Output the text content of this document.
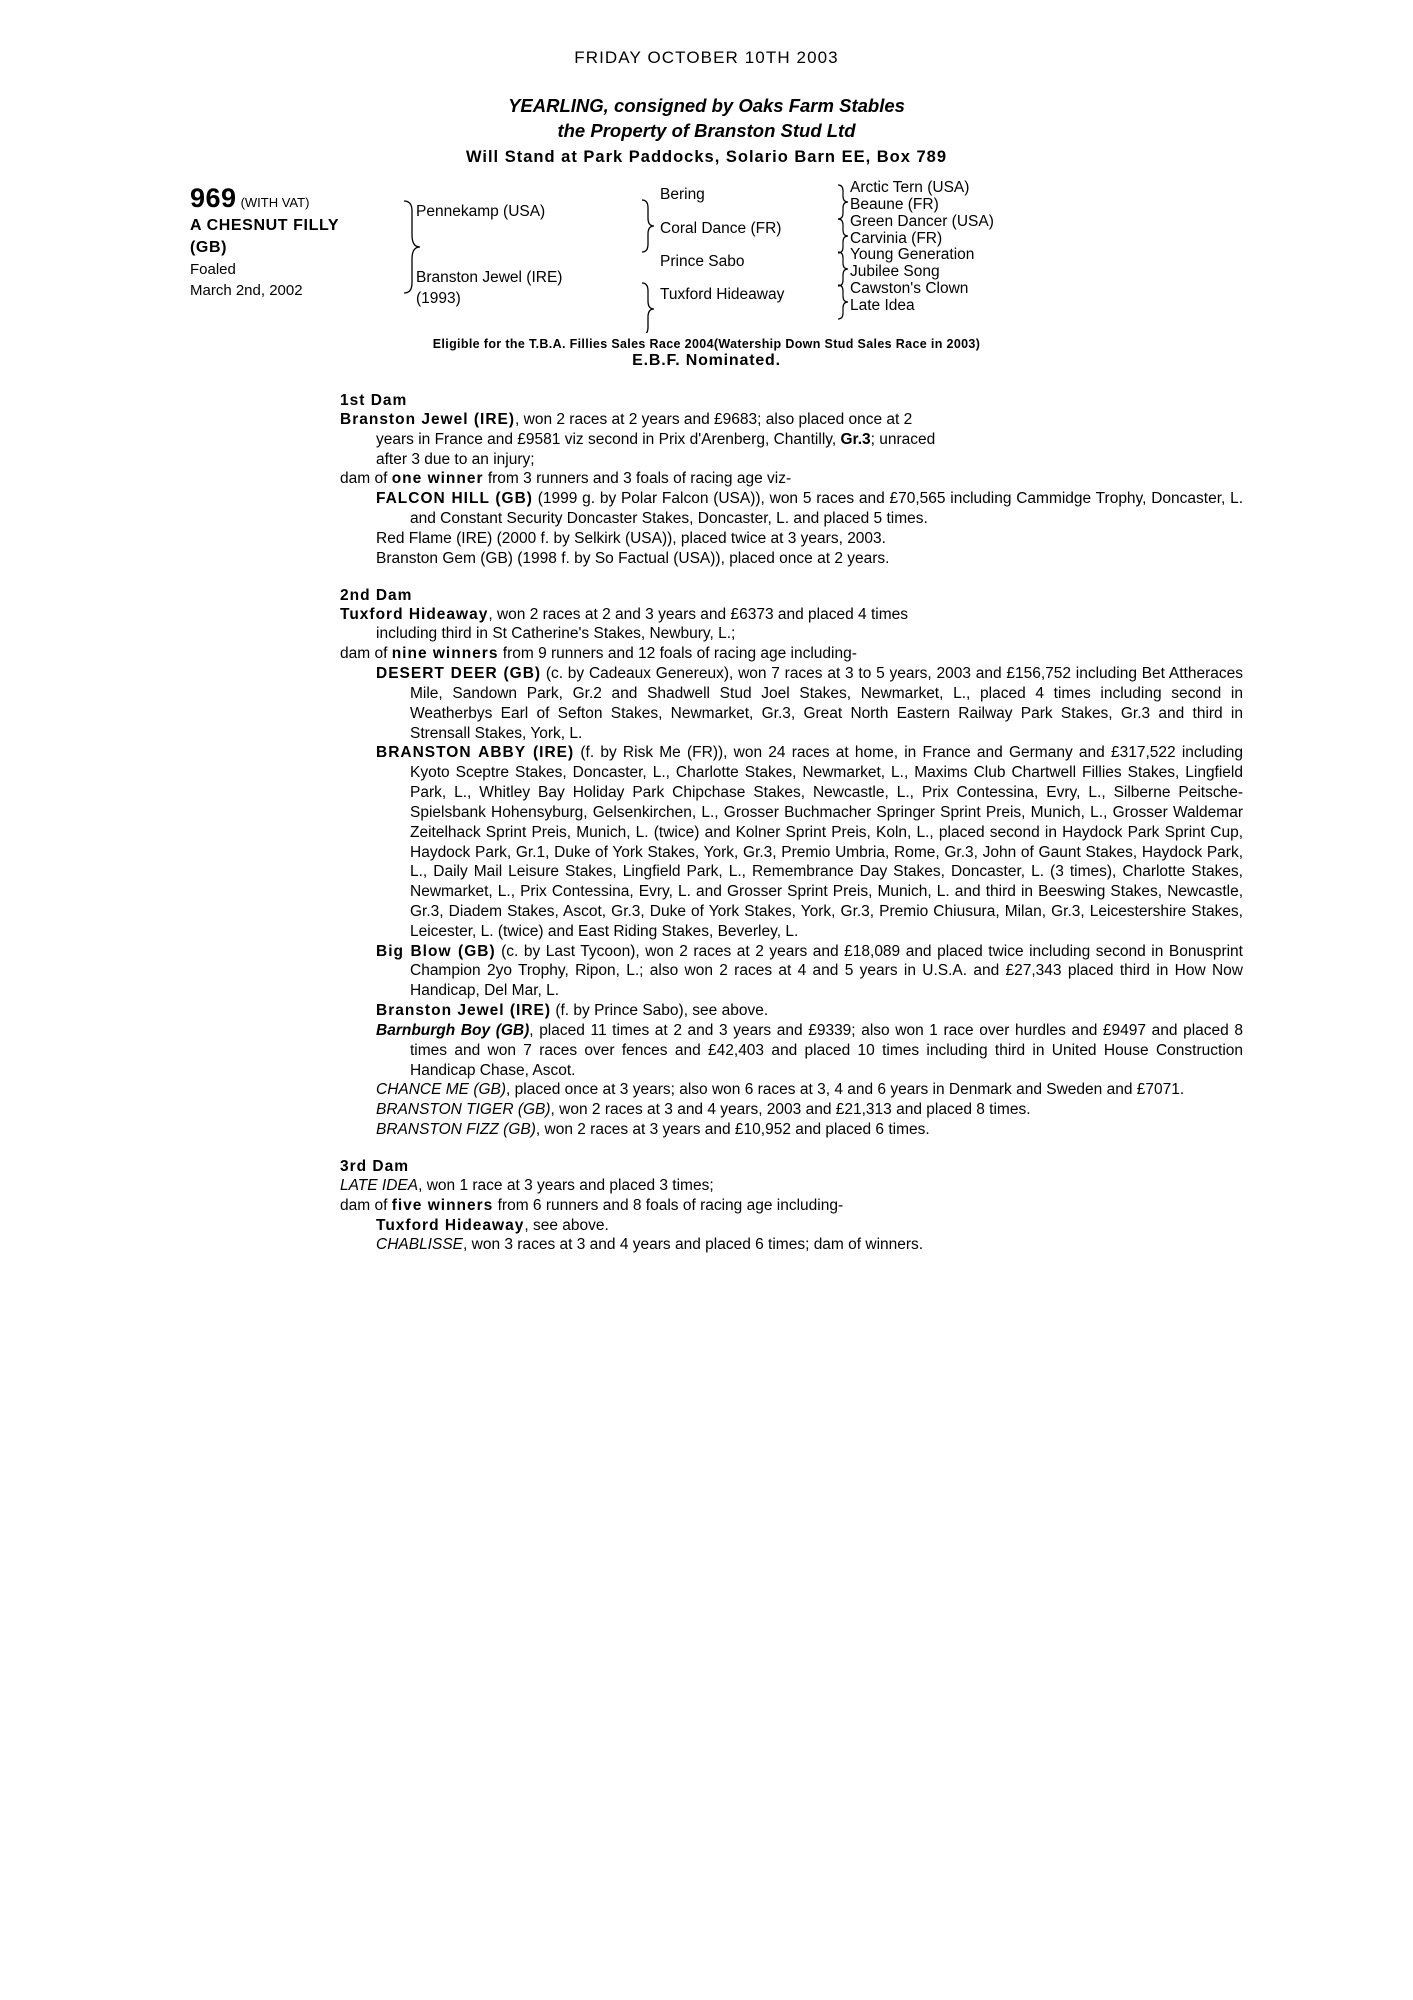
FRIDAY OCTOBER 10TH 2003
YEARLING, consigned by Oaks Farm Stables
the Property of Branston Stud Ltd
Will Stand at Park Paddocks, Solario Barn EE, Box 789
969 (WITH VAT)
A CHESNUT FILLY
(GB)
Foaled
March 2nd, 2002
Pennekamp (USA)
Branston Jewel (IRE)
(1993)
Bering
Coral Dance (FR)
Prince Sabo
Tuxford Hideaway
Arctic Tern (USA)
Beaune (FR)
Green Dancer (USA)
Carvinia (FR)
Young Generation
Jubilee Song
Cawston's Clown
Late Idea
Eligible for the T.B.A. Fillies Sales Race 2004(Watership Down Stud Sales Race in 2003)
E.B.F. Nominated.
1st Dam

Branston Jewel (IRE), won 2 races at 2 years and £9683; also placed once at 2

years in France and £9581 viz second in Prix d'Arenberg, Chantilly, Gr.3; unraced

after 3 due to an injury;

dam of one winner from 3 runners and 3 foals of racing age viz-

FALCON HILL (GB) (1999 g. by Polar Falcon (USA)), won 5 races and £70,565 including Cammidge Trophy, Doncaster, L. and Constant Security Doncaster Stakes, Doncaster, L. and placed 5 times.

Red Flame (IRE) (2000 f. by Selkirk (USA)), placed twice at 3 years, 2003.

Branston Gem (GB) (1998 f. by So Factual (USA)), placed once at 2 years.

2nd Dam

Tuxford Hideaway, won 2 races at 2 and 3 years and £6373 and placed 4 times

including third in St Catherine's Stakes, Newbury, L.;

dam of nine winners from 9 runners and 12 foals of racing age including-

DESERT DEER (GB) (c. by Cadeaux Genereux), won 7 races at 3 to 5 years, 2003 and £156,752 including Bet Attheraces Mile, Sandown Park, Gr.2 and Shadwell Stud Joel Stakes, Newmarket, L., placed 4 times including second in Weatherbys Earl of Sefton Stakes, Newmarket, Gr.3, Great North Eastern Railway Park Stakes, Gr.3 and third in Strensall Stakes, York, L.

BRANSTON ABBY (IRE) (f. by Risk Me (FR)), won 24 races at home, in France and Germany and £317,522 including Kyoto Sceptre Stakes, Doncaster, L., Charlotte Stakes, Newmarket, L., Maxims Club Chartwell Fillies Stakes, Lingfield Park, L., Whitley Bay Holiday Park Chipchase Stakes, Newcastle, L., Prix Contessina, Evry, L., Silberne Peitsche-Spielsbank Hohensyburg, Gelsenkirchen, L., Grosser Buchmacher Springer Sprint Preis, Munich, L., Grosser Waldemar Zeitelhack Sprint Preis, Munich, L. (twice) and Kolner Sprint Preis, Koln, L., placed second in Haydock Park Sprint Cup, Haydock Park, Gr.1, Duke of York Stakes, York, Gr.3, Premio Umbria, Rome, Gr.3, John of Gaunt Stakes, Haydock Park, L., Daily Mail Leisure Stakes, Lingfield Park, L., Remembrance Day Stakes, Doncaster, L. (3 times), Charlotte Stakes, Newmarket, L., Prix Contessina, Evry, L. and Grosser Sprint Preis, Munich, L. and third in Beeswing Stakes, Newcastle, Gr.3, Diadem Stakes, Ascot, Gr.3, Duke of York Stakes, York, Gr.3, Premio Chiusura, Milan, Gr.3, Leicestershire Stakes, Leicester, L. (twice) and East Riding Stakes, Beverley, L.

Big Blow (GB) (c. by Last Tycoon), won 2 races at 2 years and £18,089 and placed twice including second in Bonusprint Champion 2yo Trophy, Ripon, L.; also won 2 races at 4 and 5 years in U.S.A. and £27,343 placed third in How Now Handicap, Del Mar, L.

Branston Jewel (IRE) (f. by Prince Sabo), see above.

Barnburgh Boy (GB), placed 11 times at 2 and 3 years and £9339; also won 1 race over hurdles and £9497 and placed 8 times and won 7 races over fences and £42,403 and placed 10 times including third in United House Construction Handicap Chase, Ascot.

CHANCE ME (GB), placed once at 3 years; also won 6 races at 3, 4 and 6 years in Denmark and Sweden and £7071.

BRANSTON TIGER (GB), won 2 races at 3 and 4 years, 2003 and £21,313 and placed 8 times.

BRANSTON FIZZ (GB), won 2 races at 3 years and £10,952 and placed 6 times.

3rd Dam

LATE IDEA, won 1 race at 3 years and placed 3 times;

dam of five winners from 6 runners and 8 foals of racing age including-

Tuxford Hideaway, see above.

CHABLISSE, won 3 races at 3 and 4 years and placed 6 times; dam of winners.
